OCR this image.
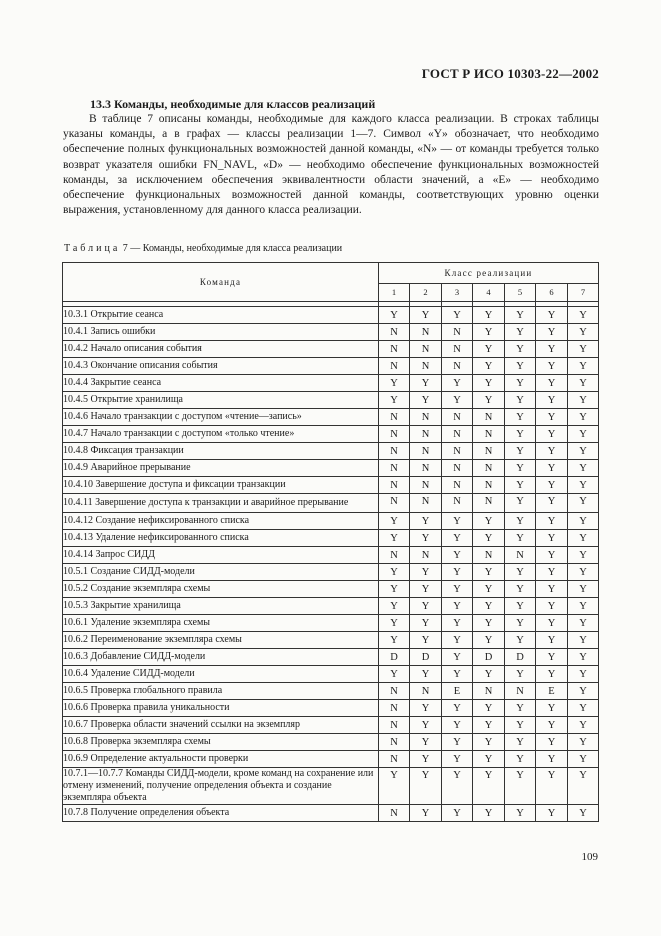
ГОСТ Р ИСО 10303-22—2002
13.3 Команды, необходимые для классов реализаций

В таблице 7 описаны команды, необходимые для каждого класса реализации. В строках таблицы указаны команды, а в графах — классы реализации 1—7. Символ «Y» обозначает, что необходимо обеспечение полных функциональных возможностей данной команды, «N» — от команды требуется только возврат указателя ошибки FN_NAVL, «D» — необходимо обеспечение функциональных возможностей команды, за исключением обеспечения эквивалентности области значений, а «E» — необходимо обеспечение функциональных возможностей данной команды, соответствующих уровню оценки выражения, установленному для данного класса реализации.

Таблица 7 — Команды, необходимые для класса реализации
Команда	Класс реализации						
	1	2	3	4	5	6	7

10.3.1 Открытие сеанса	Y	Y	Y	Y	Y	Y	Y
10.4.1 Запись ошибки	N	N	N	Y	Y	Y	Y
10.4.2 Начало описания события	N	N	N	Y	Y	Y	Y
10.4.3 Окончание описания события	N	N	N	Y	Y	Y	Y
10.4.4 Закрытие сеанса	Y	Y	Y	Y	Y	Y	Y
10.4.5 Открытие хранилища	Y	Y	Y	Y	Y	Y	Y
10.4.6 Начало транзакции с доступом «чтение—запись»	N	N	N	N	Y	Y	Y
10.4.7 Начало транзакции с доступом «только чтение»	N	N	N	N	Y	Y	Y
10.4.8 Фиксация транзакции	N	N	N	N	Y	Y	Y
10.4.9 Аварийное прерывание	N	N	N	N	Y	Y	Y
10.4.10 Завершение доступа и фиксации транзакции	N	N	N	N	Y	Y	Y
10.4.11 Завершение доступа к транзакции и аварийное прерывание	N	N	N	N	Y	Y	Y
10.4.12 Создание нефиксированного списка	Y	Y	Y	Y	Y	Y	Y
10.4.13 Удаление нефиксированного списка	Y	Y	Y	Y	Y	Y	Y
10.4.14 Запрос СИДД	N	N	Y	N	N	Y	Y
10.5.1 Создание СИДД-модели	Y	Y	Y	Y	Y	Y	Y
10.5.2 Создание экземпляра схемы	Y	Y	Y	Y	Y	Y	Y
10.5.3 Закрытие хранилища	Y	Y	Y	Y	Y	Y	Y
10.6.1 Удаление экземпляра схемы	Y	Y	Y	Y	Y	Y	Y
10.6.2 Переименование экземпляра схемы	Y	Y	Y	Y	Y	Y	Y
10.6.3 Добавление СИДД-модели	D	D	Y	D	D	Y	Y
10.6.4 Удаление СИДД-модели	Y	Y	Y	Y	Y	Y	Y
10.6.5 Проверка глобального правила	N	N	E	N	N	E	Y
10.6.6 Проверка правила уникальности	N	Y	Y	Y	Y	Y	Y
10.6.7 Проверка области значений ссылки на экземпляр	N	Y	Y	Y	Y	Y	Y
10.6.8 Проверка экземпляра схемы	N	Y	Y	Y	Y	Y	Y
10.6.9 Определение актуальности проверки	N	Y	Y	Y	Y	Y	Y
10.7.1—10.7.7 Команды СИДД-модели, кроме команд на сохранение или отмену изменений, получение определения объекта и создание экземпляра объекта	Y	Y	Y	Y	Y	Y	Y
10.7.8 Получение определения объекта	N	Y	Y	Y	Y	Y	Y
109
